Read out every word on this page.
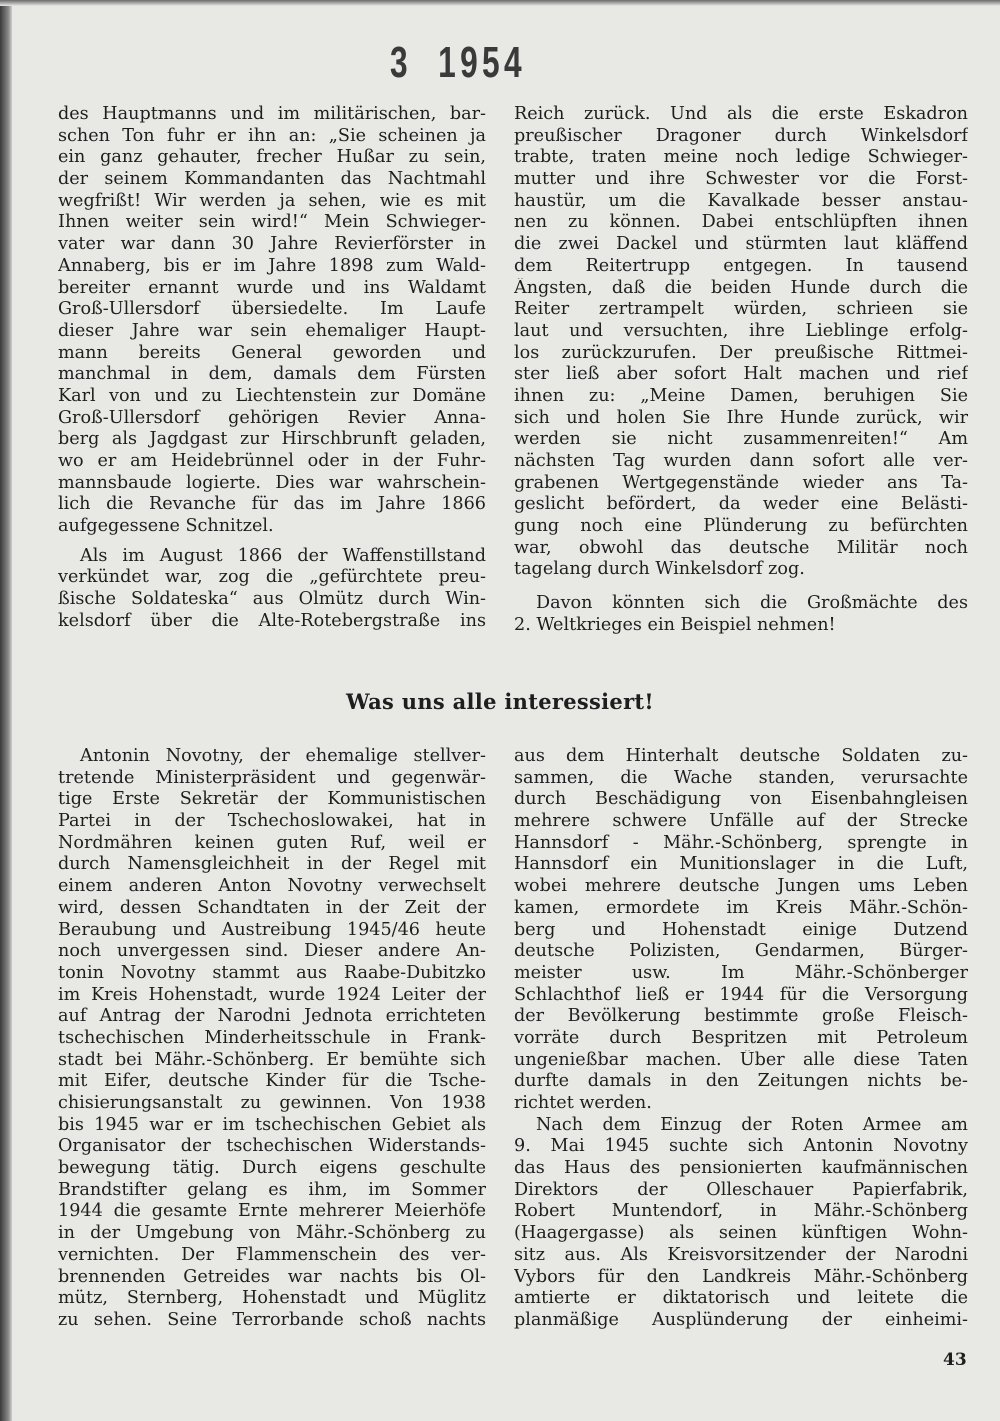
3  1954
des Hauptmanns und im militärischen, bar-
schen Ton fuhr er ihn an: „Sie scheinen ja
ein ganz gehauter, frecher Hußar zu sein,
der seinem Kommandanten das Nachtmahl
wegfrißt! Wir werden ja sehen, wie es mit
Ihnen weiter sein wird!“ Mein Schwieger-
vater war dann 30 Jahre Revierförster in
Annaberg, bis er im Jahre 1898 zum Wald-
bereiter ernannt wurde und ins Waldamt
Groß-Ullersdorf übersiedelte. Im Laufe
dieser Jahre war sein ehemaliger Haupt-
mann bereits General geworden und
manchmal in dem, damals dem Fürsten
Karl von und zu Liechtenstein zur Domäne
Groß-Ullersdorf gehörigen Revier Anna-
berg als Jagdgast zur Hirschbrunft geladen,
wo er am Heidebrünnel oder in der Fuhr-
mannsbaude logierte. Dies war wahrschein-
lich die Revanche für das im Jahre 1866
aufgegessene Schnitzel.
Als im August 1866 der Waffenstillstand
verkündet war, zog die „gefürchtete preu-
ßische Soldateska“ aus Olmütz durch Win-
kelsdorf über die Alte-Rotebergstraße ins
Reich zurück. Und als die erste Eskadron
preußischer Dragoner durch Winkelsdorf
trabte, traten meine noch ledige Schwieger-
mutter und ihre Schwester vor die Forst-
haustür, um die Kavalkade besser anstau-
nen zu können. Dabei entschlüpften ihnen
die zwei Dackel und stürmten laut kläffend
dem Reitertrupp entgegen. In tausend
Ängsten, daß die beiden Hunde durch die
Reiter zertrampelt würden, schrieen sie
laut und versuchten, ihre Lieblinge erfolg-
los zurückzurufen. Der preußische Rittmei-
ster ließ aber sofort Halt machen und rief
ihnen zu: „Meine Damen, beruhigen Sie
sich und holen Sie Ihre Hunde zurück, wir
werden sie nicht zusammenreiten!“ Am
nächsten Tag wurden dann sofort alle ver-
grabenen Wertgegenstände wieder ans Ta-
geslicht befördert, da weder eine Belästi-
gung noch eine Plünderung zu befürchten
war, obwohl das deutsche Militär noch
tagelang durch Winkelsdorf zog.
Davon könnten sich die Großmächte des
2. Weltkrieges ein Beispiel nehmen!
Was uns alle interessiert!
Antonin Novotny, der ehemalige stellver-
tretende Ministerpräsident und gegenwär-
tige Erste Sekretär der Kommunistischen
Partei in der Tschechoslowakei, hat in
Nordmähren keinen guten Ruf, weil er
durch Namensgleichheit in der Regel mit
einem anderen Anton Novotny verwechselt
wird, dessen Schandtaten in der Zeit der
Beraubung und Austreibung 1945/46 heute
noch unvergessen sind. Dieser andere An-
tonin Novotny stammt aus Raabe-Dubitzko
im Kreis Hohenstadt, wurde 1924 Leiter der
auf Antrag der Narodni Jednota errichteten
tschechischen Minderheitsschule in Frank-
stadt bei Mähr.-Schönberg. Er bemühte sich
mit Eifer, deutsche Kinder für die Tsche-
chisierungsanstalt zu gewinnen. Von 1938
bis 1945 war er im tschechischen Gebiet als
Organisator der tschechischen Widerstands-
bewegung tätig. Durch eigens geschulte
Brandstifter gelang es ihm, im Sommer
1944 die gesamte Ernte mehrerer Meierhöfe
in der Umgebung von Mähr.-Schönberg zu
vernichten. Der Flammenschein des ver-
brennenden Getreides war nachts bis Ol-
mütz, Sternberg, Hohenstadt und Müglitz
zu sehen. Seine Terrorbande schoß nachts
aus dem Hinterhalt deutsche Soldaten zu-
sammen, die Wache standen, verursachte
durch Beschädigung von Eisenbahngleisen
mehrere schwere Unfälle auf der Strecke
Hannsdorf - Mähr.-Schönberg, sprengte in
Hannsdorf ein Munitionslager in die Luft,
wobei mehrere deutsche Jungen ums Leben
kamen, ermordete im Kreis Mähr.-Schön-
berg und Hohenstadt einige Dutzend
deutsche Polizisten, Gendarmen, Bürger-
meister usw. Im Mähr.-Schönberger
Schlachthof ließ er 1944 für die Versorgung
der Bevölkerung bestimmte große Fleisch-
vorräte durch Bespritzen mit Petroleum
ungenießbar machen. Über alle diese Taten
durfte damals in den Zeitungen nichts be-
richtet werden.
Nach dem Einzug der Roten Armee am
9. Mai 1945 suchte sich Antonin Novotny
das Haus des pensionierten kaufmännischen
Direktors der Olleschauer Papierfabrik,
Robert Muntendorf, in Mähr.-Schönberg
(Haagergasse) als seinen künftigen Wohn-
sitz aus. Als Kreisvorsitzender der Narodni
Vybors für den Landkreis Mähr.-Schönberg
amtierte er diktatorisch und leitete die
planmäßige Ausplünderung der einheimi-
43
